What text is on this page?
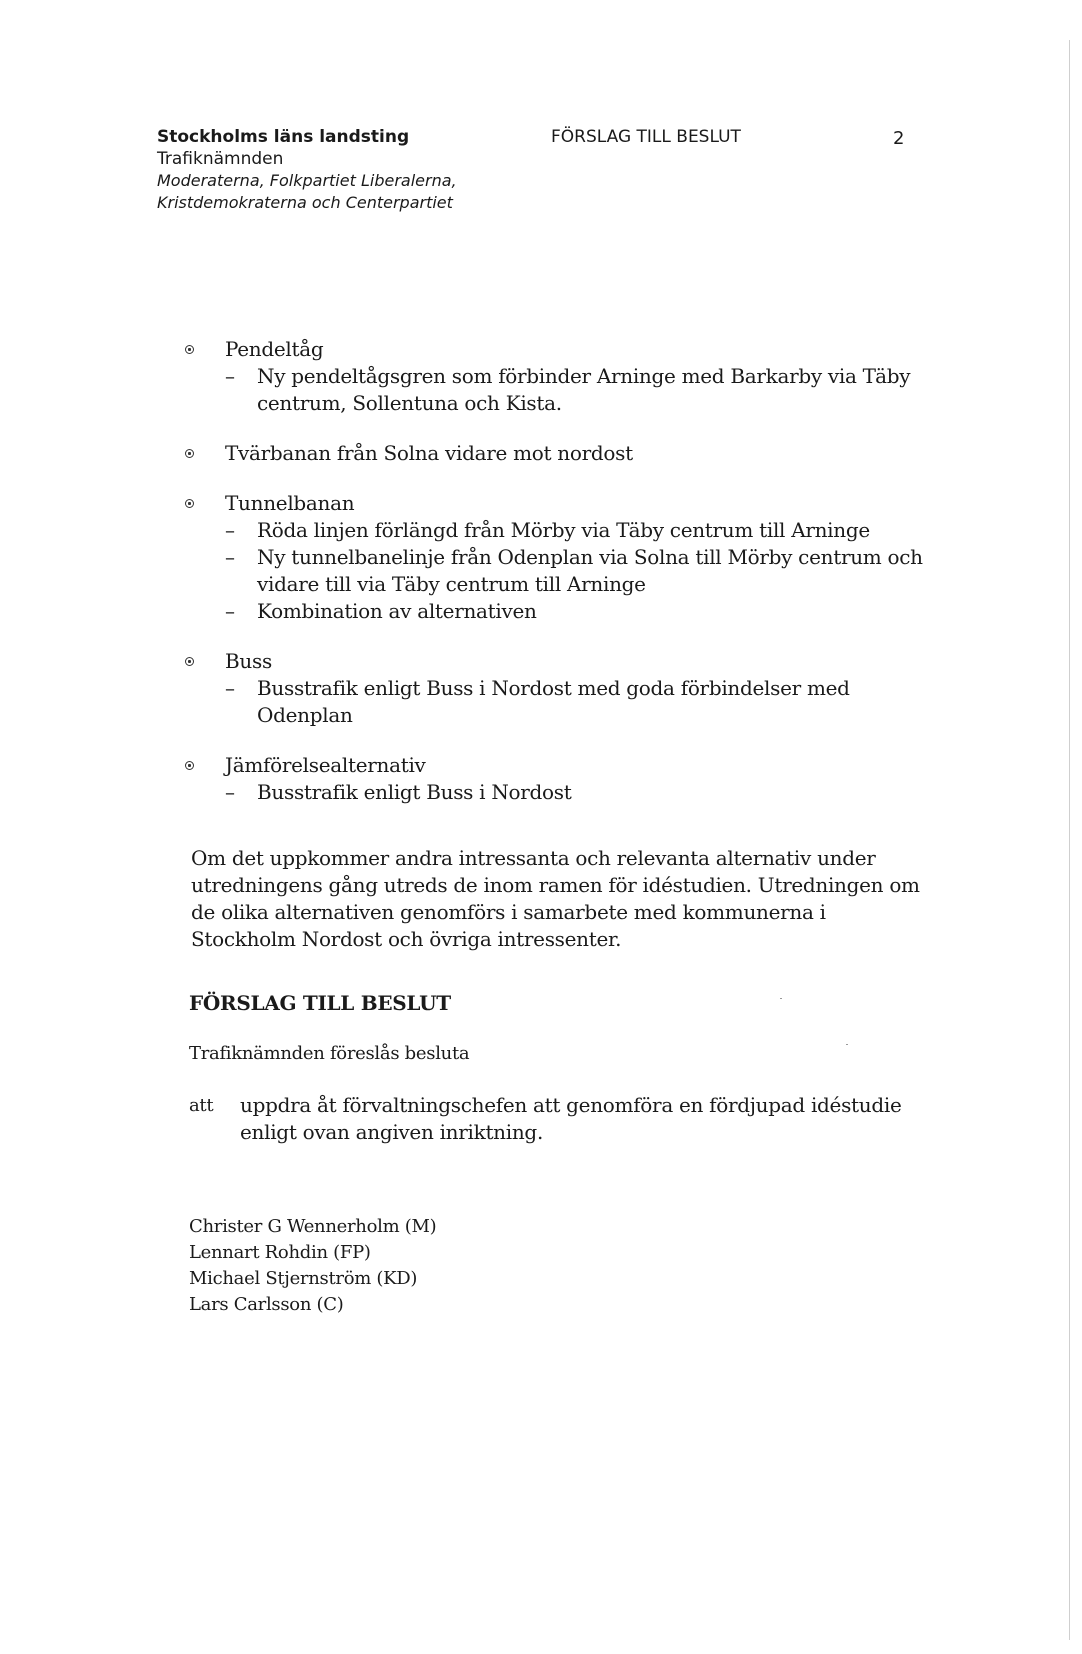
Stockholms läns landsting
Trafiknämnden
Moderaterna, Folkpartiet Liberalerna,
Kristdemokraterna och Centerpartiet
FÖRSLAG TILL BESLUT	2
Pendeltåg
– Ny pendeltågsgren som förbinder Arninge med Barkarby via Täby centrum, Sollentuna och Kista.
Tvärbanan från Solna vidare mot nordost
Tunnelbanan
– Röda linjen förlängd från Mörby via Täby centrum till Arninge
– Ny tunnelbanelinje från Odenplan via Solna till Mörby centrum och vidare till via Täby centrum till Arninge
– Kombination av alternativen
Buss
– Busstrafik enligt Buss i Nordost med goda förbindelser med Odenplan
Jämförelsealternativ
– Busstrafik enligt Buss i Nordost
Om det uppkommer andra intressanta och relevanta alternativ under utredningens gång utreds de inom ramen för idéstudien. Utredningen om de olika alternativen genomförs i samarbete med kommunerna i Stockholm Nordost och övriga intressenter.
FÖRSLAG TILL BESLUT
Trafiknämnden föreslås besluta
att uppdra åt förvaltningschefen att genomföra en fördjupad idéstudie enligt ovan angiven inriktning.
Christer G Wennerholm (M)
Lennart Rohdin (FP)
Michael Stjernström (KD)
Lars Carlsson (C)
